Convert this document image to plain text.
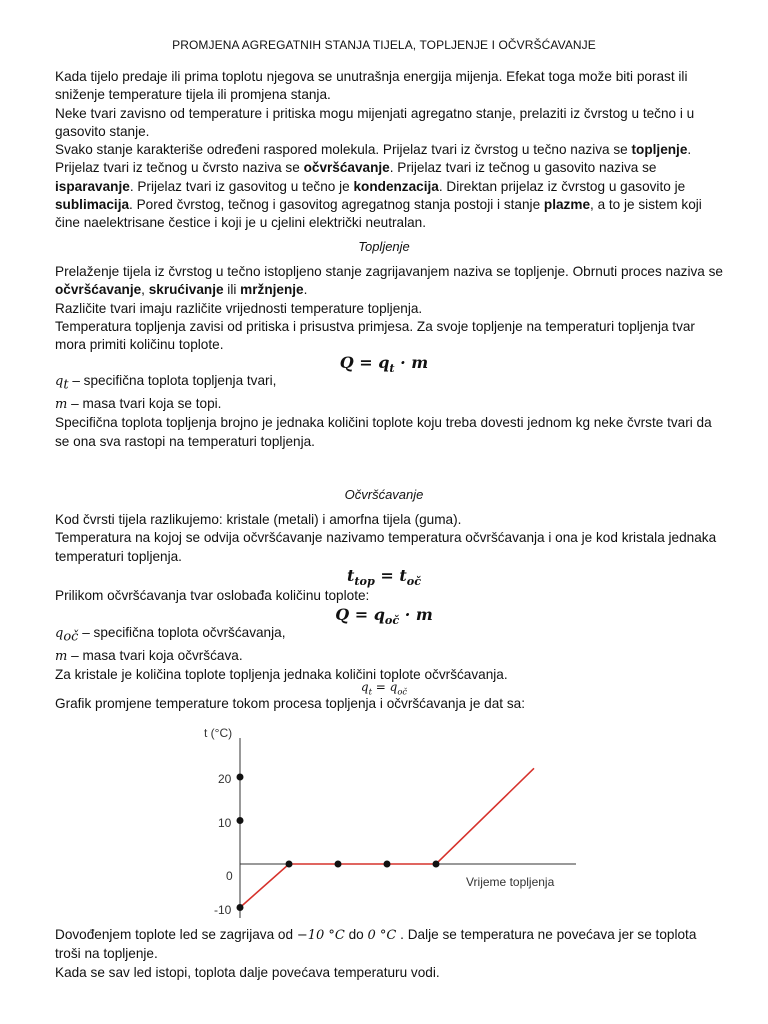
PROMJENA AGREGATNIH STANJA TIJELA, TOPLJENJE I OČVRŠĆAVANJE

Kada tijelo predaje ili prima toplotu njegova se unutrašnja energija mijenja. Efekat toga može biti porast ili sniženje temperature tijela ili promjena stanja.

Neke tvari zavisno od temperature i pritiska mogu mijenjati agregatno stanje, prelaziti iz čvrstog u tečno i u gasovito stanje.

Svako stanje karakteriše određeni raspored molekula. Prijelaz tvari iz čvrstog u tečno naziva se topljenje. Prijelaz tvari iz tečnog u čvrsto naziva se očvršćavanje. Prijelaz tvari iz tečnog u gasovito naziva se isparavanje. Prijelaz tvari iz gasovitog u tečno je kondenzacija. Direktan prijelaz iz čvrstog u gasovito je sublimacija. Pored čvrstog, tečnog i gasovitog agregatnog stanja postoji i stanje plazme, a to je sistem koji čine naelektrisane čestice i koji je u cjelini električki neutralan.

Topljenje

Prelaženje tijela iz čvrstog u tečno istopljeno stanje zagrijavanjem naziva se topljenje. Obrnuti proces naziva se očvršćavanje, skrućivanje ili mržnjenje.

Različite tvari imaju različite vrijednosti temperature topljenja.

Temperatura topljenja zavisi od pritiska i prisustva primjesa. Za svoje topljenje na temperaturi topljenja tvar mora primiti količinu toplote.

$Q = q_t \cdot m$

$q_t$ – specifična toplota topljenja tvari,

m – masa tvari koja se topi.

Specifična toplota topljenja brojno je jednaka količini toplote koju treba dovesti jednom kg neke čvrste tvari da se ona sva rastopi na temperaturi topljenja.

Očvršćavanje

Kod čvrsti tijela razlikujemo: kristale (metali) i amorfna tijela (guma).

Temperatura na kojoj se odvija očvršćavanje nazivamo temperatura očvršćavanja i ona je kod kristala jednaka temperaturi topljenja.

$t_{top} = t_{oč}$
Prilikom očvršćavanja tvar oslobađa količinu toplote:
$Q = q_{oč} \cdot m$

$q_{oč}$ – specifična toplota očvršćavanja,

m – masa tvari koja očvršćava.

Za kristale je količina toplote topljenja jednaka količini toplote očvršćavanja.

$q_t = q_{oč}$
Grafik promjene temperature tokom procesa topljenja i očvršćavanja je dat sa:
t (°C)
Vrijeme topljenja
20
10
0
-10

Dovođenjem toplote led se zagrijava od −10 °C do 0 °C . Dalje se temperatura ne povećava jer se toplota troši na topljenje.

Kada se sav led istopi, toplota dalje povećava temperaturu vodi.
